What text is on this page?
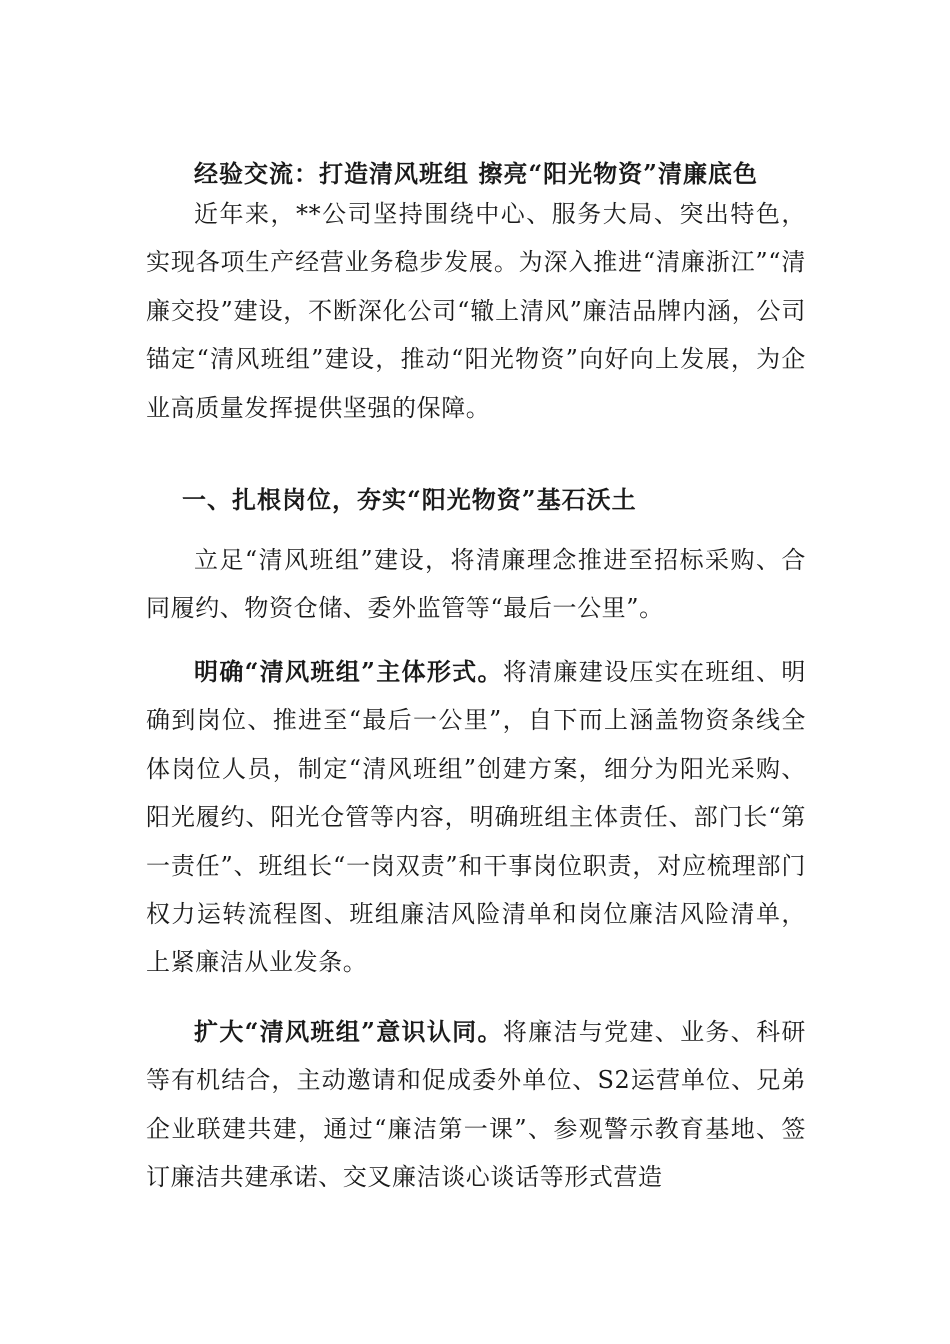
经验交流：打造清风班组 擦亮“阳光物资”清廉底色
近年来，**公司坚持围绕中心、服务大局、突出特色，实现各项生产经营业务稳步发展。为深入推进“清廉浙江”“清廉交投”建设，不断深化公司“辙上清风”廉洁品牌内涵，公司锚定“清风班组”建设，推动“阳光物资”向好向上发展，为企业高质量发挥提供坚强的保障。
一、扎根岗位，夯实“阳光物资”基石沃土
立足“清风班组”建设，将清廉理念推进至招标采购、合同履约、物资仓储、委外监管等“最后一公里”。
明确“清风班组”主体形式。将清廉建设压实在班组、明确到岗位、推进至“最后一公里”，自下而上涵盖物资条线全体岗位人员，制定“清风班组”创建方案，细分为阳光采购、阳光履约、阳光仓管等内容，明确班组主体责任、部门长“第一责任”、班组长“一岗双责”和干事岗位职责，对应梳理部门权力运转流程图、班组廉洁风险清单和岗位廉洁风险清单，上紧廉洁从业发条。
扩大“清风班组”意识认同。将廉洁与党建、业务、科研等有机结合，主动邀请和促成委外单位、S2运营单位、兄弟企业联建共建，通过“廉洁第一课”、参观警示教育基地、签订廉洁共建承诺、交叉廉洁谈心谈话等形式营造
